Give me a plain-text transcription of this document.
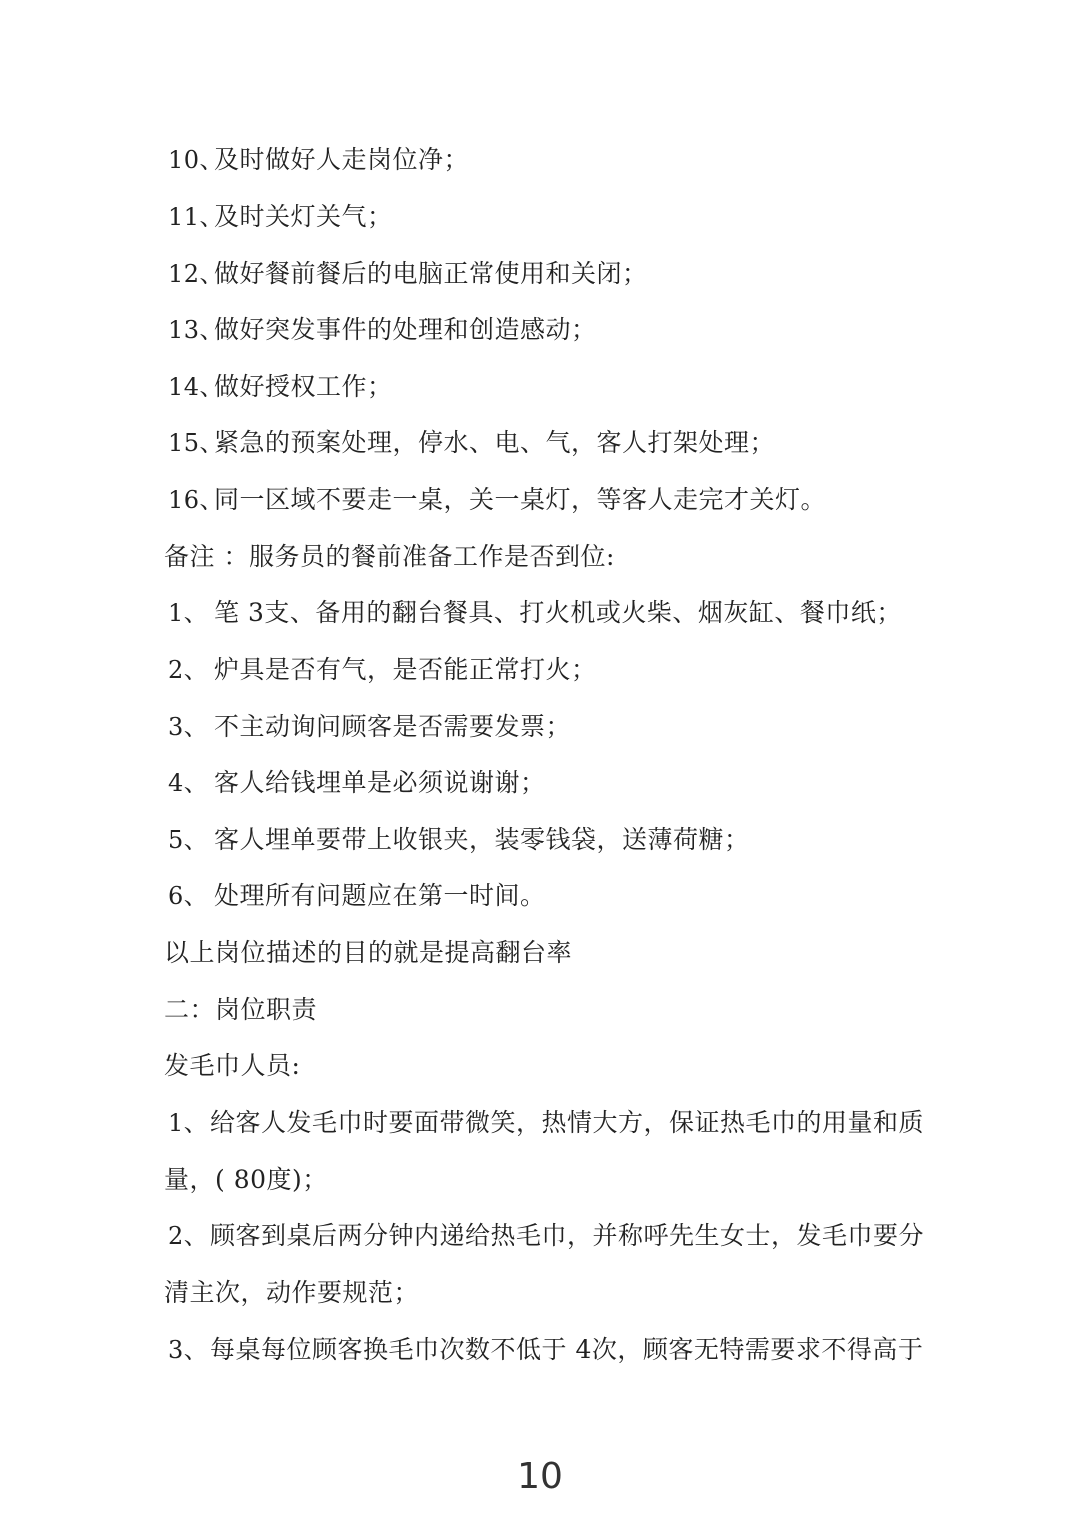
10、
及时做好人走岗位净；
11、
及时关灯关气；
12、
做好餐前餐后的电脑正常使用和关闭；
13、
做好突发事件的处理和创造感动；
14、
做好授权工作；
15、
紧急的预案处理，停水、电、气，客人打架处理；
16、
同一区域不要走一桌，关一桌灯，等客人走完才关灯。
备注 ：服务员的餐前准备工作是否到位:
1、 笔 3支、备用的翻台餐具、打火机或火柴、烟灰缸、餐巾纸；
2、 炉具是否有气，是否能正常打火；
3、 不主动询问顾客是否需要发票；
4、 客人给钱埋单是必须说谢谢；
5、 客人埋单要带上收银夹，装零钱袋，送薄荷糖；
6、 处理所有问题应在第一时间。
以上岗位描述的目的就是提高翻台率
二：岗位职责
发毛巾人员:
1、 给客人发毛巾时要面带微笑，热情大方，保证热毛巾的用量和质
量，( 80度)；
2、 顾客到桌后两分钟内递给热毛巾，并称呼先生女士，发毛巾要分
清主次，动作要规范；
3、 每桌每位顾客换毛巾次数不低于 4次，顾客无特需要求不得高于
10
